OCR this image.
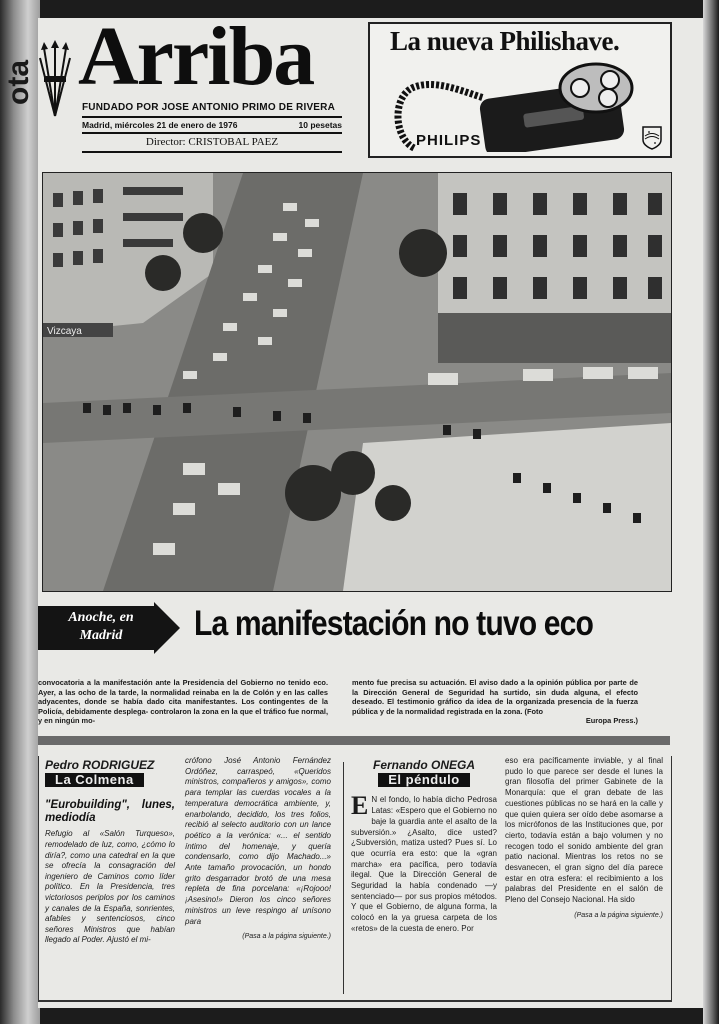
ota Arriba
FUNDADO POR JOSE ANTONIO PRIMO DE RIVERA
Madrid, miércoles 21 de enero de 1976	10 pesetas
Director: CRISTOBAL PAEZ
La nueva Philishave.
PHILIPS
Vizcaya
Anoche, en
Madrid	La manifestación no tuvo eco
convocatoria a la manifestación ante la Presidencia del Gobierno no tenido eco. Ayer, a las ocho de la tarde, la normalidad reinaba en la de Colón y en las calles adyacentes, donde se había dado cita manifestantes. Los contingentes de la Policía, debidamente desplega- controlaron la zona en la que el tráfico fue normal, y en ningún mo-
mento fue precisa su actuación. El aviso dado a la opinión pública por parte de la Dirección General de Seguridad ha surtido, sin duda alguna, el efecto deseado. El testimonio gráfico da idea de la organizada presencia de la fuerza pública y de la normalidad registrada en la zona. (Foto
Europa Press.)
Pedro RODRIGUEZ
La Colmena
"Eurobuilding", lunes, mediodía
Refugio al «Salón Turqueso», remodelado de luz, como, ¿cómo lo diría?, como una catedral en la que se ofrecía la consagración del ingeniero de Caminos como líder político. En la Presidencia, tres victoriosos periplos por los caminos y canales de la España, sonrientes, afables y sentenciosos, cinco señores Ministros que habían llegado al Poder. Ajustó el mi-
crófono José Antonio Fernández Ordóñez, carraspeó, «Queridos ministros, compañeros y amigos», como para templar las cuerdas vocales a la temperatura democrática ambiente, y, enarbolando, decidido, los tres folios, recibió al selecto auditorio con un lance poético a la verónica: «... el sentido íntimo del homenaje, y quería condensarlo, como dijo Machado...» Ante tamaño provocación, un hondo grito desgarrador brotó de una mesa repleta de fina porcelana: «¡Rojooo! ¡Asesino!» Dieron los cinco señores ministros un leve respingo al unísono para
(Pasa a la página siguiente.)
Fernando ONEGA
El péndulo
E N el fondo, lo había dicho Pedrosa Latas: «Espero que el Gobierno no baje la guardia ante el asalto de la subversión.» ¿Asalto, dice usted? ¿Subversión, matiza usted? Pues sí. Lo que ocurría era esto: que la «gran marcha» era pacífica, pero todavía ilegal. Que la Dirección General de Seguridad la había condenado —y sentenciado— por sus propios métodos. Y que el Gobierno, de alguna forma, la colocó en la ya gruesa carpeta de los «retos» de la cuesta de enero. Por
eso era pacíficamente inviable, y al final pudo lo que parece ser desde el lunes la gran filosofía del primer Gabinete de la Monarquía: que el gran debate de las cuestiones públicas no se hará en la calle y que quien quiera ser oído debe asomarse a los micrófonos de las Instituciones que, por cierto, todavía están a bajo volumen y no recogen todo el sonido ambiente del gran patio nacional. Mientras los retos no se desvanecen, el gran signo del día parece estar en otra esfera: el recibimiento a los palabras del Presidente en el salón de Pleno del Consejo Nacional. Ha sido
(Pasa a la página siguiente.)
